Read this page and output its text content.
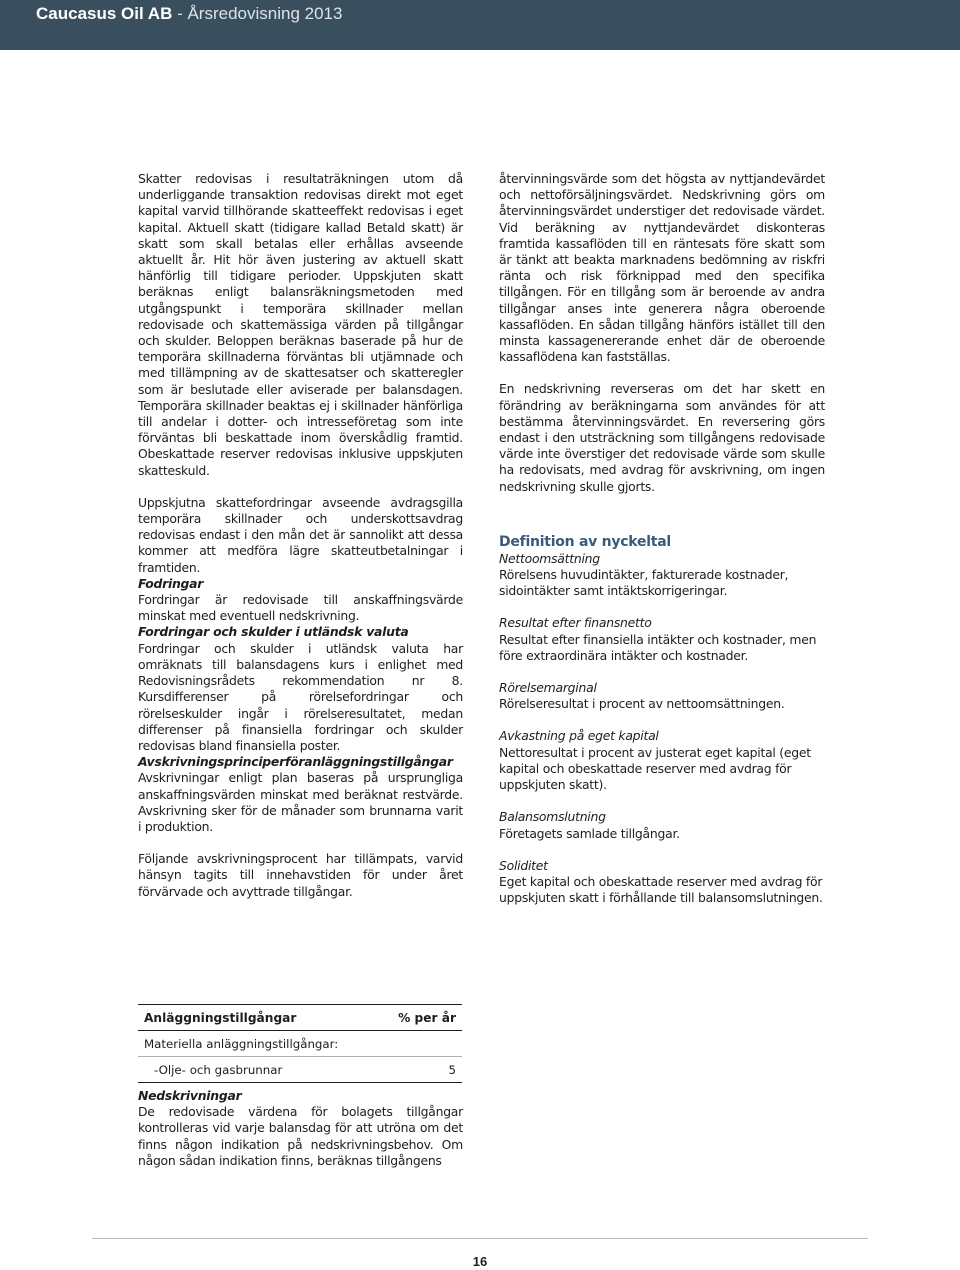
Caucasus Oil AB - Årsredovisning 2013

Skatter redovisas i resultaträkningen utom då underliggande transaktion redovisas direkt mot eget kapital varvid tillhörande skatteeffekt redovisas i eget kapital. Aktuell skatt (tidigare kallad Betald skatt) är skatt som skall betalas eller erhållas avseende aktuellt år. Hit hör även justering av aktuell skatt hänförlig till tidigare perioder. Uppskjuten skatt beräknas enligt balansräkningsmetoden med utgångspunkt i temporära skillnader mellan redovisade och skattemässiga värden på tillgångar och skulder. Beloppen beräknas baserade på hur de temporära skillnaderna förväntas bli utjämnade och med tillämpning av de skattesatser och skatteregler som är beslutade eller aviserade per balansdagen. Temporära skillnader beaktas ej i skillnader hänförliga till andelar i dotter- och intresseföretag som inte förväntas bli beskattade inom överskådlig framtid. Obeskattade reserver redovisas inklusive uppskjuten skatteskuld.

Uppskjutna skattefordringar avseende avdragsgilla temporära skillnader och underskottsavdrag redovisas endast i den mån det är sannolikt att dessa kommer att medföra lägre skatteutbetalningar i framtiden.

Fodringar

Fordringar är redovisade till anskaffningsvärde minskat med eventuell nedskrivning.

Fordringar och skulder i utländsk valuta

Fordringar och skulder i utländsk valuta har omräknats till balansdagens kurs i enlighet med Redovisningsrådets rekommendation nr 8. Kursdifferenser på rörelsefordringar och rörelseskulder ingår i rörelseresultatet, medan differenser på finansiella fordringar och skulder redovisas bland finansiella poster.

Avskrivningsprinciperföranläggningstillgångar

Avskrivningar enligt plan baseras på ursprungliga anskaffningsvärden minskat med beräknat restvärde. Avskrivning sker för de månader som brunnarna varit i produktion.

Följande avskrivningsprocent har tillämpats, varvid hänsyn tagits till innehavstiden för under året förvärvade och avyttrade tillgångar.

Anläggningstillgångar	% per år
Materiella anläggningstillgångar:	
-Olje- och gasbrunnar	5

Nedskrivningar

De redovisade värdena för bolagets tillgångar kontrolleras vid varje balansdag för att utröna om det finns någon indikation på nedskrivningsbehov. Om någon sådan indikation finns, beräknas tillgångens

återvinningsvärde som det högsta av nyttjandevärdet och nettoförsäljningsvärdet. Nedskrivning görs om återvinningsvärdet understiger det redovisade värdet. Vid beräkning av nyttjandevärdet diskonteras framtida kassaflöden till en räntesats före skatt som är tänkt att beakta marknadens bedömning av riskfri ränta och risk förknippad med den specifika tillgången. För en tillgång som är beroende av andra tillgångar anses inte generera några oberoende kassaflöden. En sådan tillgång hänförs istället till den minsta kassagenererande enhet där de oberoende kassaflödena kan fastställas.

En nedskrivning reverseras om det har skett en förändring av beräkningarna som användes för att bestämma återvinningsvärdet. En reversering görs endast i den utsträckning som tillgångens redovisade värde inte överstiger det redovisade värde som skulle ha redovisats, med avdrag för avskrivning, om ingen nedskrivning skulle gjorts.

Definition av nyckeltal

Nettoomsättning

Rörelsens huvudintäkter, fakturerade kostnader, sidointäkter samt intäktskorrigeringar.

Resultat efter finansnetto

Resultat efter finansiella intäkter och kostnader, men före extraordinära intäkter och kostnader.

Rörelsemarginal

Rörelseresultat i procent av nettoomsättningen.

Avkastning på eget kapital

Nettoresultat i procent av justerat eget kapital (eget kapital och obeskattade reserver med avdrag för uppskjuten skatt).

Balansomslutning

Företagets samlade tillgångar.

Soliditet

Eget kapital och obeskattade reserver med avdrag för uppskjuten skatt i förhållande till balansomslutningen.

16
